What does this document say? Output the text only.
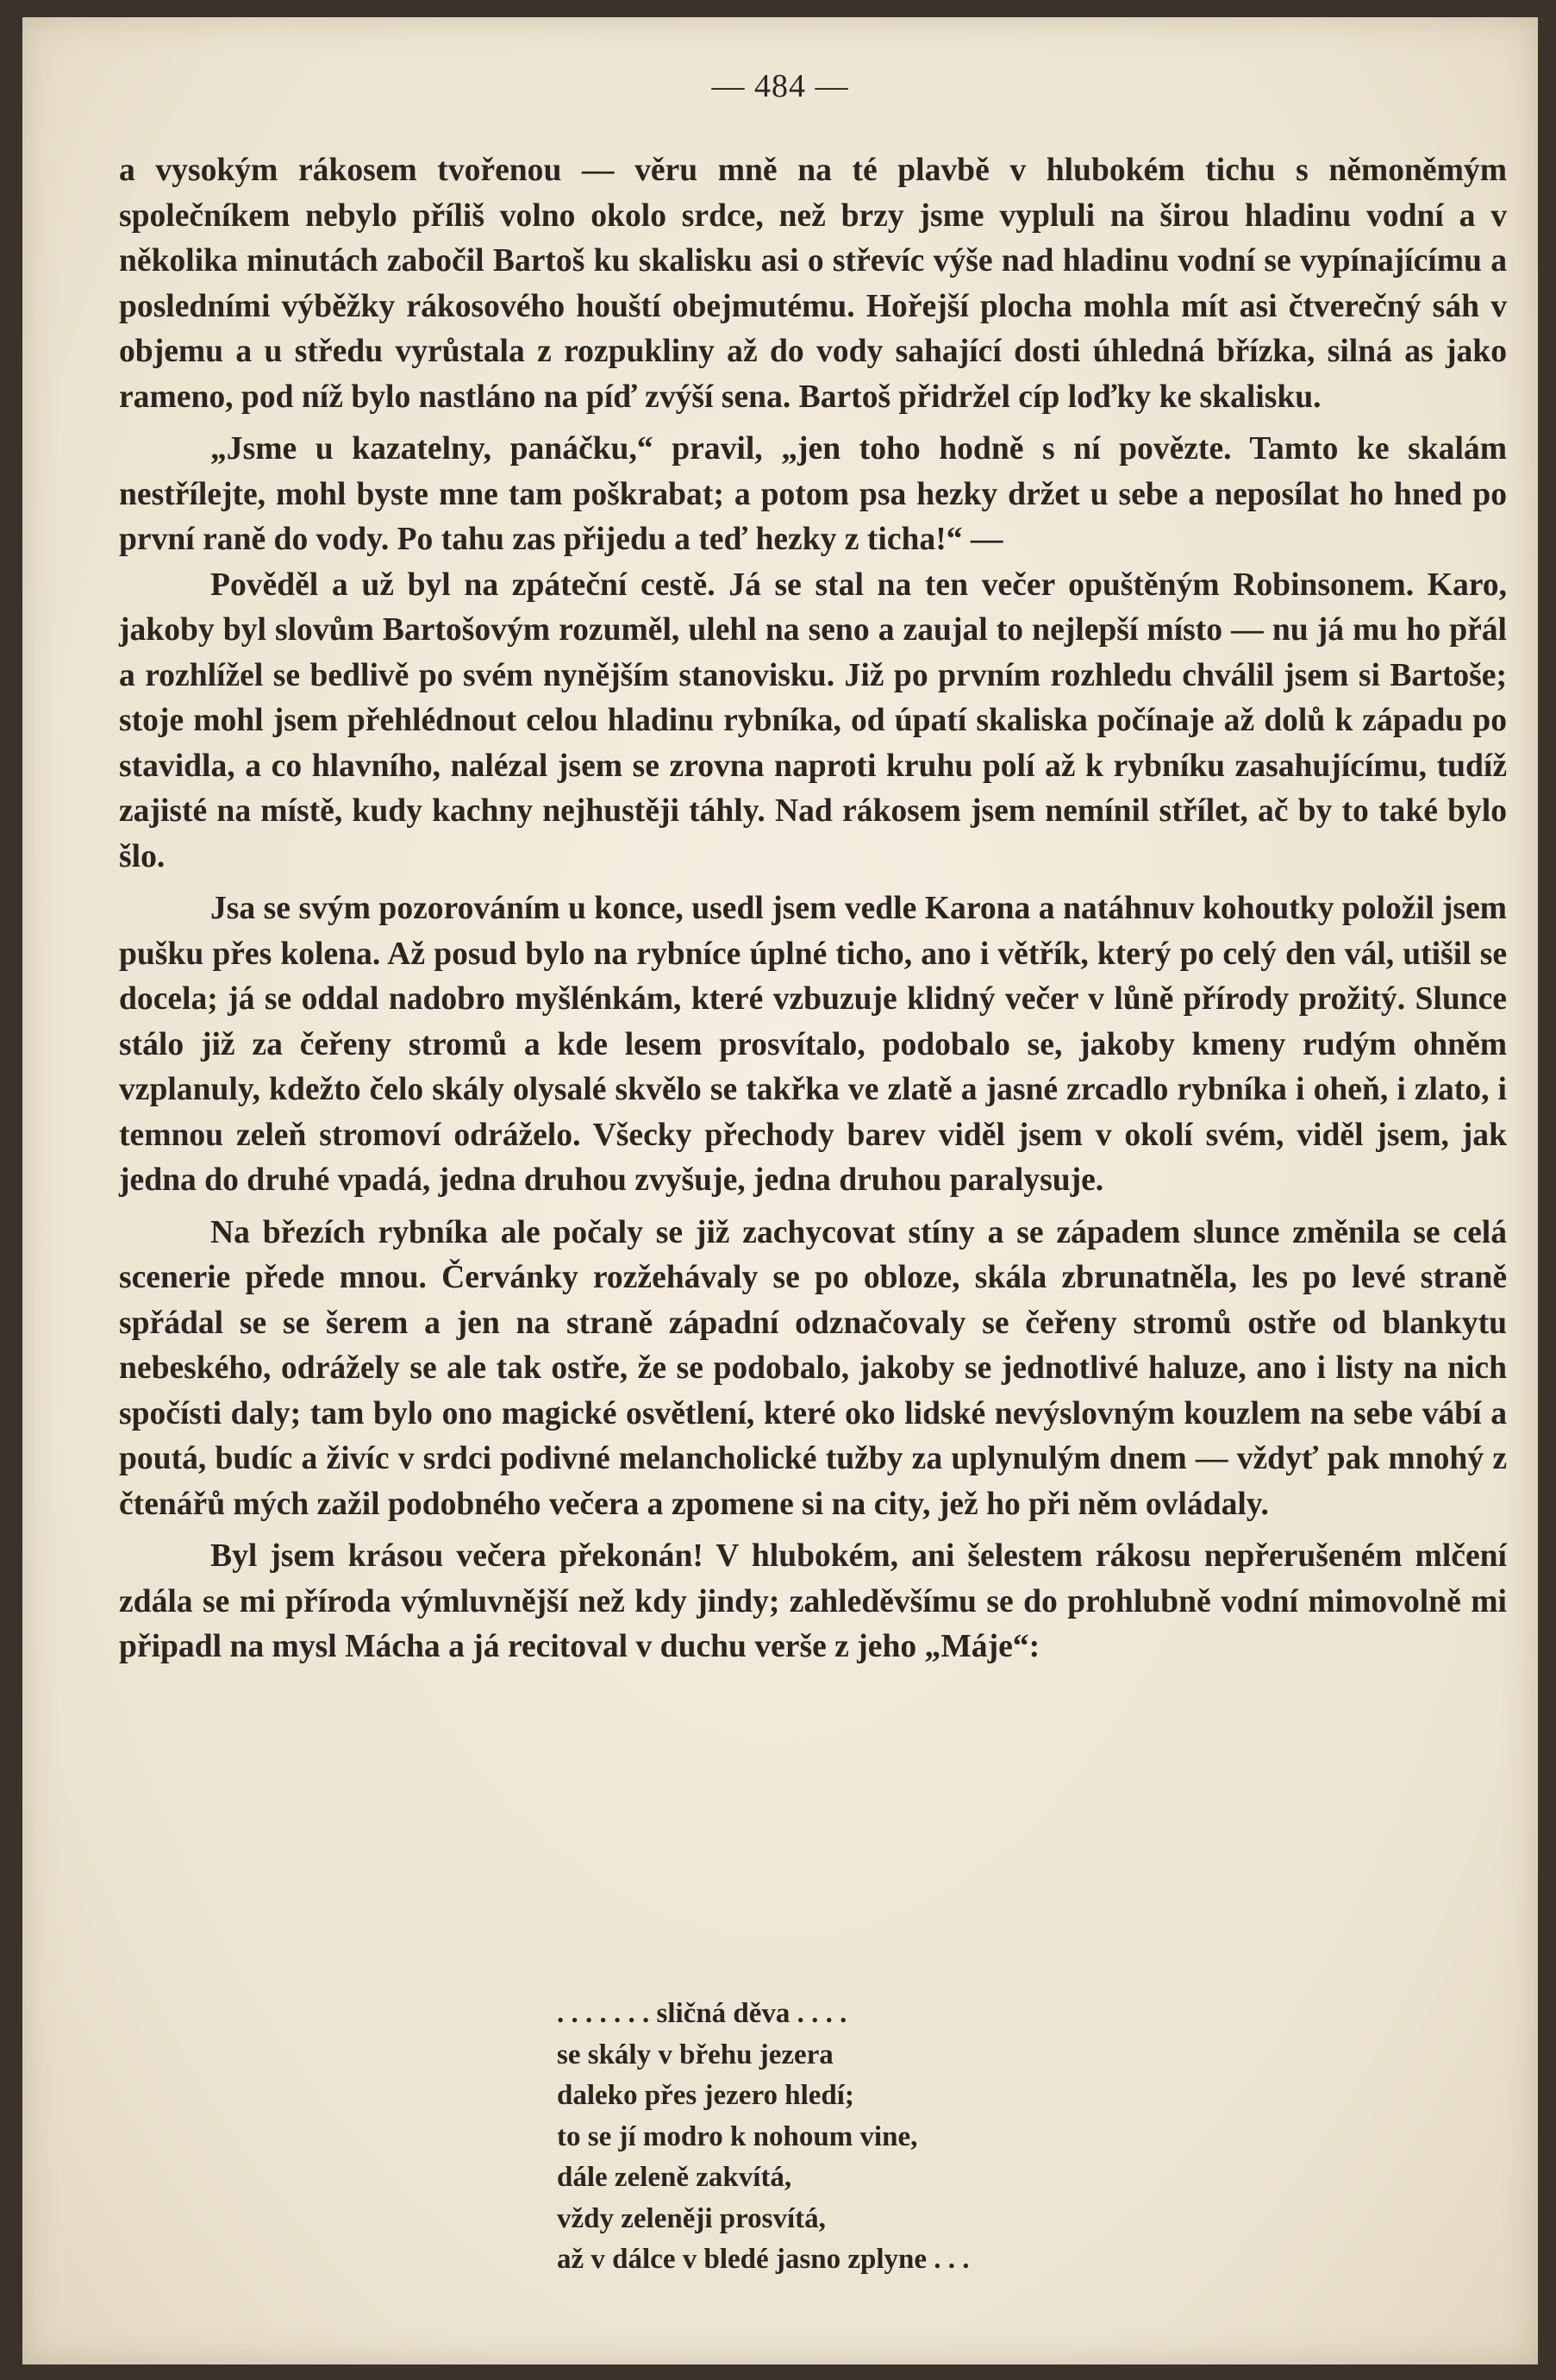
— 484 —

a vysokým rákosem tvořenou — věru mně na té plavbě v hlubokém tichu s němoněmým společníkem nebylo příliš volno okolo srdce, než brzy jsme vypluli na širou hladinu vodní a v několika minutách zabočil Bartoš ku skalisku asi o střevíc výše nad hladinu vodní se vypínajícímu a posledními výběžky rákosového houští obejmutému. Hořejší plocha mohla mít asi čtverečný sáh v objemu a u středu vyrůstala z rozpukliny až do vody sahající dosti úhledná břízka, silná as jako rameno, pod níž bylo nastláno na píď zvýší sena. Bartoš přidržel cíp loďky ke skalisku.

„Jsme u kazatelny, panáčku,“ pravil, „jen toho hodně s ní povězte. Tamto ke skalám nestřílejte, mohl byste mne tam poškrabat; a potom psa hezky držet u sebe a neposílat ho hned po první raně do vody. Po tahu zas přijedu a teď hezky z ticha!“ —

Pověděl a už byl na zpáteční cestě. Já se stal na ten večer opuštěným Robinsonem. Karo, jakoby byl slovům Bartošovým rozuměl, ulehl na seno a zaujal to nejlepší místo — nu já mu ho přál a rozhlížel se bedlivě po svém nynějším stanovisku. Již po prvním rozhledu chválil jsem si Bartoše; stoje mohl jsem přehlédnout celou hladinu rybníka, od úpatí skaliska počínaje až dolů k západu po stavidla, a co hlavního, nalézal jsem se zrovna naproti kruhu polí až k rybníku zasahujícímu, tudíž zajisté na místě, kudy kachny nejhustěji táhly. Nad rákosem jsem nemínil střílet, ač by to také bylo šlo.

Jsa se svým pozorováním u konce, usedl jsem vedle Karona a natáhnuv kohoutky položil jsem pušku přes kolena. Až posud bylo na rybníce úplné ticho, ano i větřík, který po celý den vál, utišil se docela; já se oddal nadobro myšlénkám, které vzbuzuje klidný večer v lůně přírody prožitý. Slunce stálo již za čeřeny stromů a kde lesem prosvítalo, podobalo se, jakoby kmeny rudým ohněm vzplanuly, kdežto čelo skály olysalé skvělo se takřka ve zlatě a jasné zrcadlo rybníka i oheň, i zlato, i temnou zeleň stromoví odráželo. Všecky přechody barev viděl jsem v okolí svém, viděl jsem, jak jedna do druhé vpadá, jedna druhou zvyšuje, jedna druhou paralysuje.

Na březích rybníka ale počaly se již zachycovat stíny a se západem slunce změnila se celá scenerie přede mnou. Červánky rozžehávaly se po obloze, skála zbrunatněla, les po levé straně spřádal se se šerem a jen na straně západní odznačovaly se čeřeny stromů ostře od blankytu nebeského, odrážely se ale tak ostře, že se podobalo, jakoby se jednotlivé haluze, ano i listy na nich spočísti daly; tam bylo ono magické osvětlení, které oko lidské nevýslovným kouzlem na sebe vábí a poutá, budíc a živíc v srdci podivné melancholické tužby za uplynulým dnem — vždyť pak mnohý z čtenářů mých zažil podobného večera a zpomene si na city, jež ho při něm ovládaly.

Byl jsem krásou večera překonán! V hlubokém, ani šelestem rákosu nepřerušeném mlčení zdála se mi příroda výmluvnější než kdy jindy; zahleděvšímu se do prohlubně vodní mimovolně mi připadl na mysl Mácha a já recitoval v duchu verše z jeho „Máje“:

. . . . . . . sličná děva . . . .
se skály v břehu jezera
daleko přes jezero hledí;
to se jí modro k nohoum vine,
dále zeleně zakvítá,
vždy zeleněji prosvítá,
až v dálce v bledé jasno zplyne . . .
